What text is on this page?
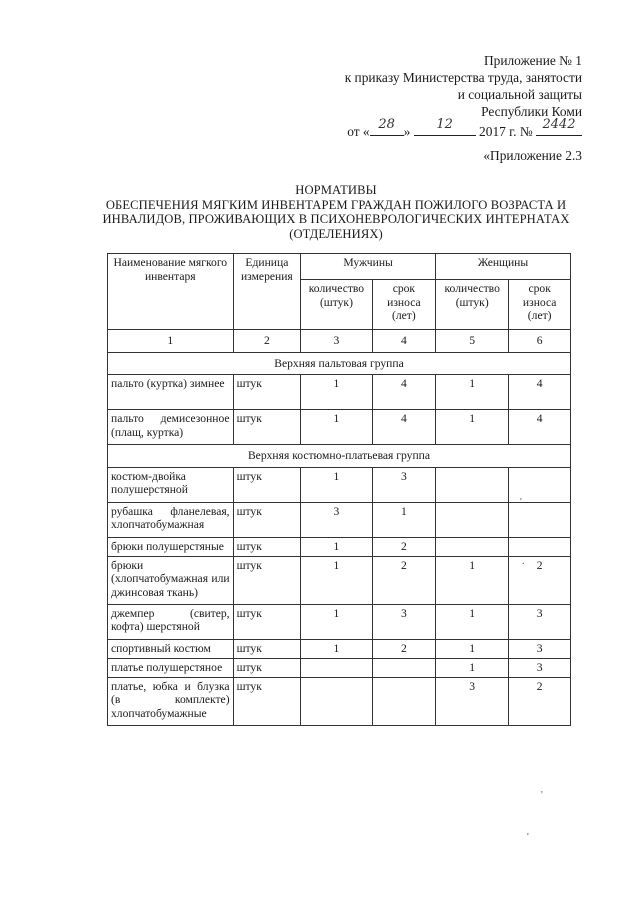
Приложение № 1
к приказу Министерства труда, занятости
и социальной защиты
Республики Коми
от « 28 »	12	2017 г. № 2442
«Приложение 2.3
НОРМАТИВЫ
ОБЕСПЕЧЕНИЯ МЯГКИМ ИНВЕНТАРЕМ ГРАЖДАН ПОЖИЛОГО ВОЗРАСТА И
ИНВАЛИДОВ, ПРОЖИВАЮЩИХ В ПСИХОНЕВРОЛОГИЧЕСКИХ ИНТЕРНАТАХ
(ОТДЕЛЕНИЯХ)
Наименование мягкого инвентаря	Единица измерения	Мужчины		Женщины	
		количество (штук)	срок износа (лет)	количество (штук)	срок износа (лет)
1	2	3	4	5	6
Верхняя пальтовая группа					
пальто (куртка) зимнее	штук	1	4	1	4
пальто демисезонное (плащ, куртка)	штук	1	4	1	4
Верхняя костюмно-платьевая группа					
костюм-двойка полушерстяной	штук	1	3		
рубашка фланелевая, хлопчатобумажная	штук	3	1		
брюки полушерстяные	штук	1	2		
брюки (хлопчатобумажная или джинсовая ткань)	штук	1	2	1	2
джемпер (свитер, кофта) шерстяной	штук	1	3	1	3
спортивный костюм	штук	1	2	1	3
платье полушерстяное	штук			1	3
платье, юбка и блузка (в комплекте) хлопчатобумажные	штук			3	2
'
.
'
'
